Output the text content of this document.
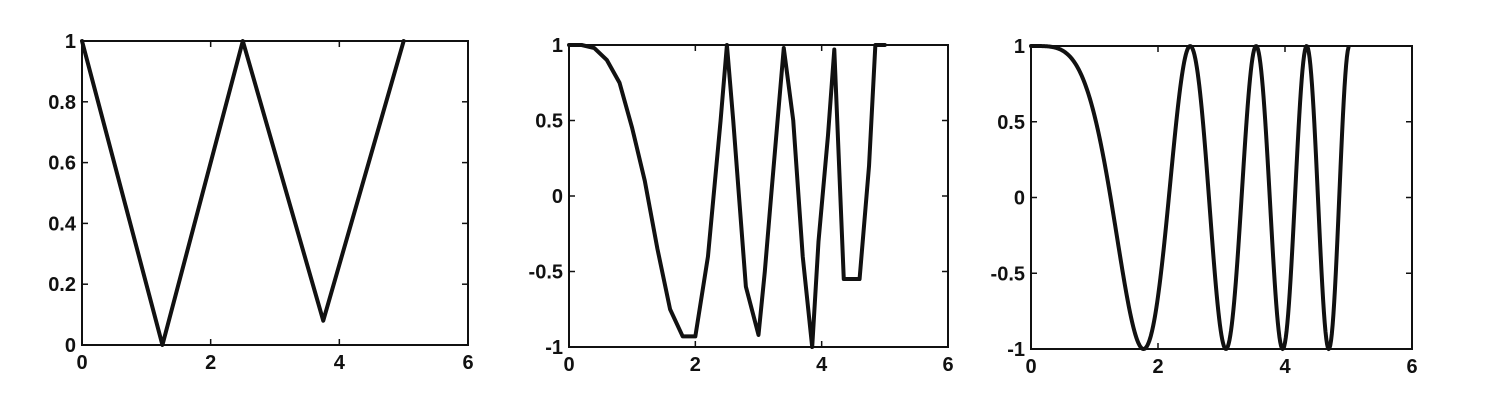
0	2	4	6
0
0.2
0.4
0.6
0.8
1
0	2	4	6
-1
-0.5
0
0.5
1
0	2	4	6
-1
-0.5
0
0.5
1
